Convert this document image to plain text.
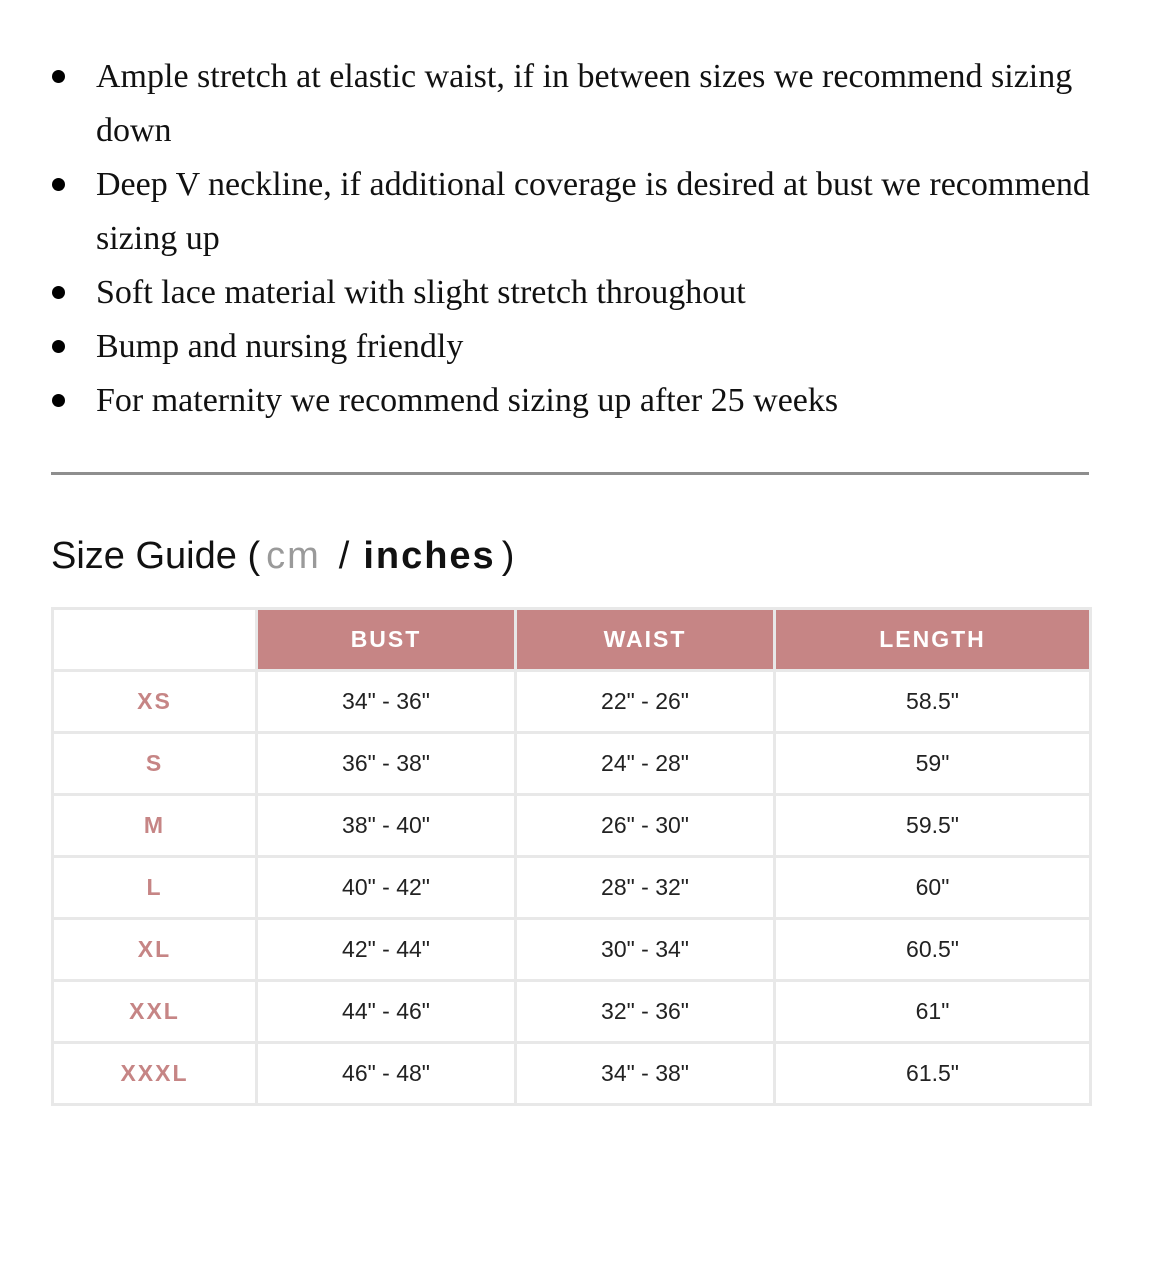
Ample stretch at elastic waist, if in between sizes we recommend sizing down
Deep V neckline, if additional coverage is desired at bust we recommend sizing up
Soft lace material with slight stretch throughout
Bump and nursing friendly
For maternity we recommend sizing up after 25 weeks
Size Guide ( cm / inches )
	BUST	WAIST	LENGTH
XS	34" - 36"	22" - 26"	58.5"
S	36" - 38"	24" - 28"	59"
M	38" - 40"	26" - 30"	59.5"
L	40" - 42"	28" - 32"	60"
XL	42" - 44"	30" - 34"	60.5"
XXL	44" - 46"	32" - 36"	61"
XXXL	46" - 48"	34" - 38"	61.5"
